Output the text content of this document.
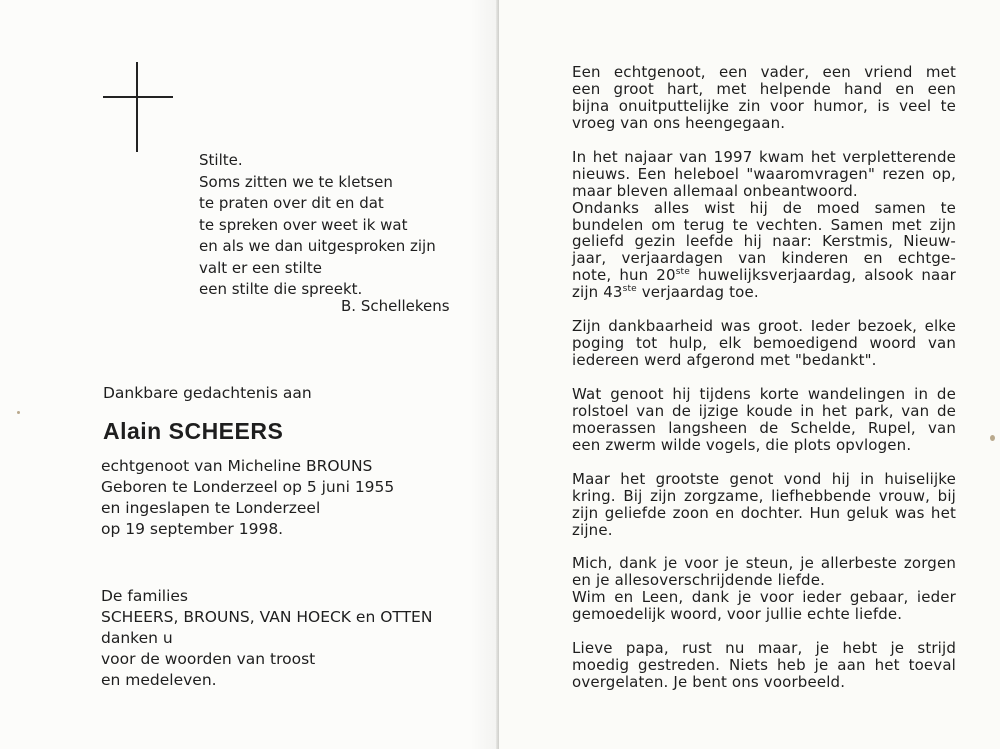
Stilte.
Soms zitten we te kletsen
te praten over dit en dat
te spreken over weet ik wat
en als we dan uitgesproken zijn
valt er een stilte
een stilte die spreekt.
B. Schellekens
Dankbare gedachtenis aan
Alain SCHEERS
echtgenoot van Micheline BROUNS
Geboren te Londerzeel op 5 juni 1955
en ingeslapen te Londerzeel
op 19 september 1998.
De families
SCHEERS, BROUNS, VAN HOECK en OTTEN
danken u
voor de woorden van troost
en medeleven.
Een echtgenoot, een vader, een vriend met
een groot hart, met helpende hand en een
bijna onuitputtelijke zin voor humor, is veel te
vroeg van ons heengegaan.
In het najaar van 1997 kwam het verpletterende
nieuws. Een heleboel "waaromvragen" rezen op,
maar bleven allemaal onbeantwoord.
Ondanks alles wist hij de moed samen te
bundelen om terug te vechten. Samen met zijn
geliefd gezin leefde hij naar: Kerstmis, Nieuw-
jaar, verjaardagen van kinderen en echtge-
note, hun 20ste huwelijksverjaardag, alsook naar
zijn 43ste verjaardag toe.
Zijn dankbaarheid was groot. Ieder bezoek, elke
poging tot hulp, elk bemoedigend woord van
iedereen werd afgerond met "bedankt".
Wat genoot hij tijdens korte wandelingen in de
rolstoel van de ijzige koude in het park, van de
moerassen langsheen de Schelde, Rupel, van
een zwerm wilde vogels, die plots opvlogen.
Maar het grootste genot vond hij in huiselijke
kring. Bij zijn zorgzame, liefhebbende vrouw, bij
zijn geliefde zoon en dochter. Hun geluk was het
zijne.
Mich, dank je voor je steun, je allerbeste zorgen
en je allesoverschrijdende liefde.
Wim en Leen, dank je voor ieder gebaar, ieder
gemoedelijk woord, voor jullie echte liefde.
Lieve papa, rust nu maar, je hebt je strijd
moedig gestreden. Niets heb je aan het toeval
overgelaten. Je bent ons voorbeeld.
